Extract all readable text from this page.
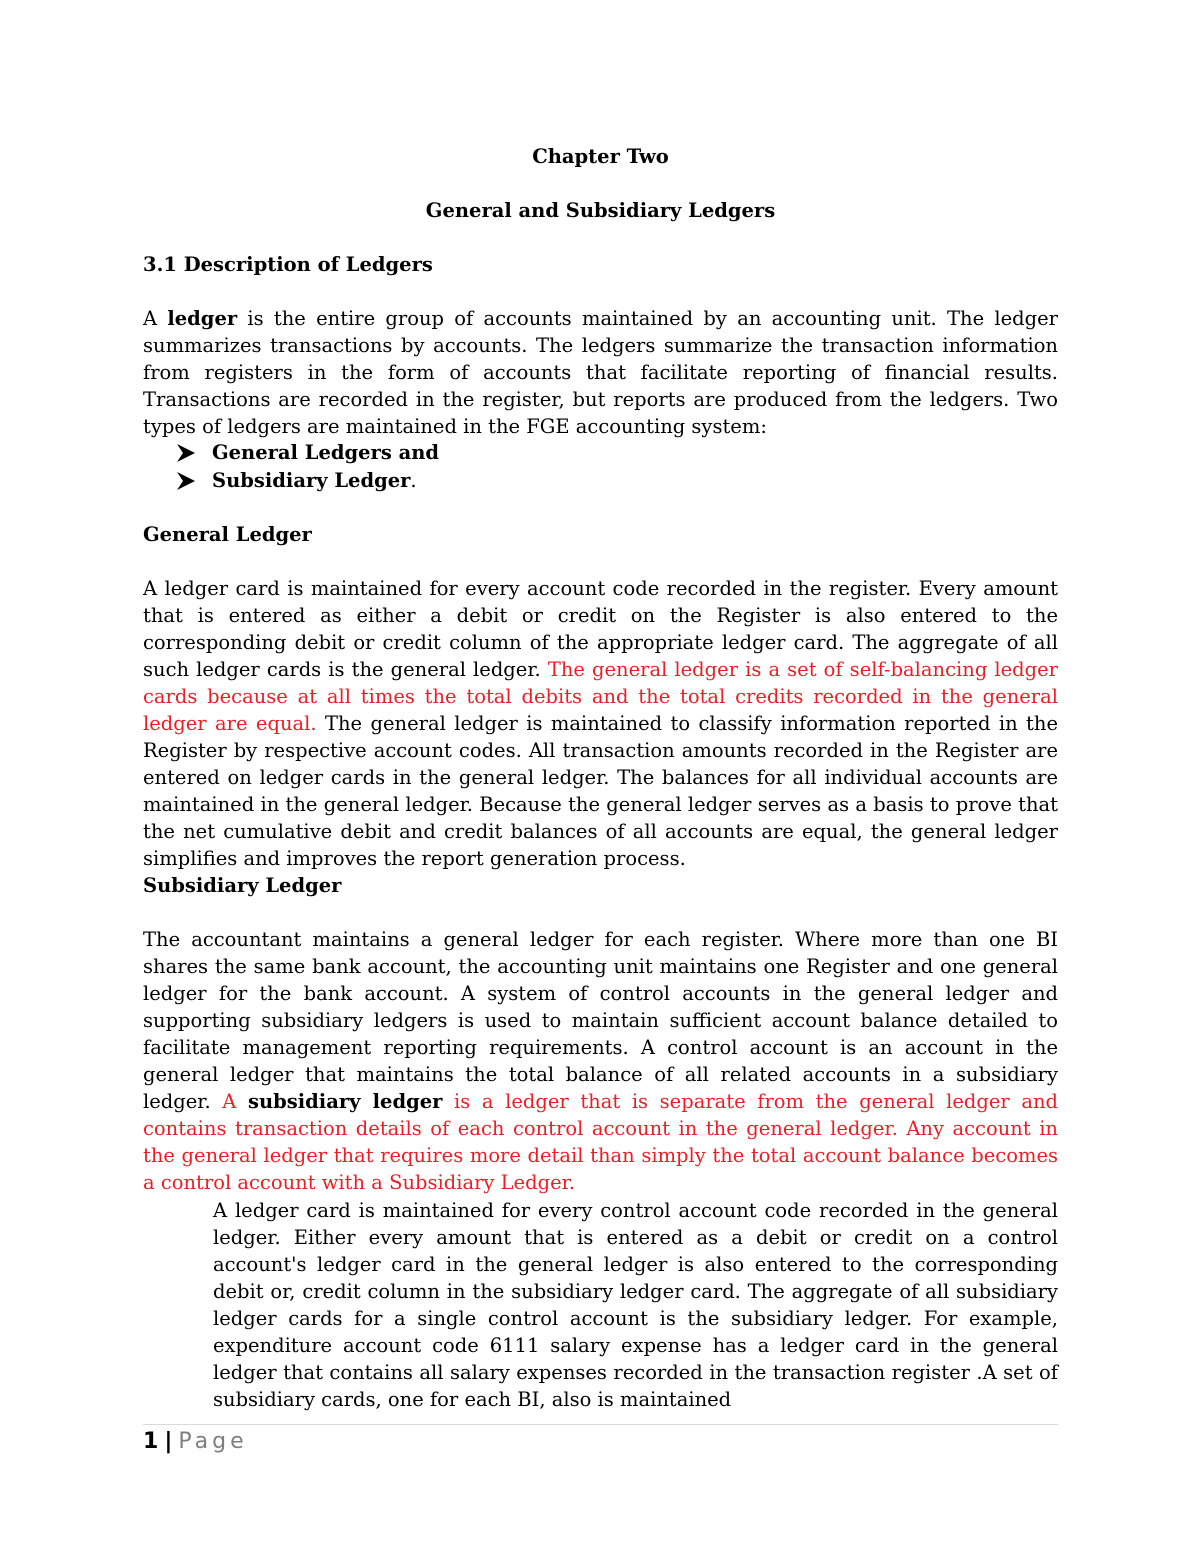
Chapter Two

General and Subsidiary Ledgers

3.1 Description of Ledgers

A ledger is the entire group of accounts maintained by an accounting unit. The ledger summarizes transactions by accounts. The ledgers summarize the transaction information from registers in the form of accounts that facilitate reporting of financial results. Transactions are recorded in the register, but reports are produced from the ledgers. Two types of ledgers are maintained in the FGE accounting system:

General Ledgers and
Subsidiary Ledger .

General Ledger

A ledger card is maintained for every account code recorded in the register. Every amount that is entered as either a debit or credit on the Register is also entered to the corresponding debit or credit column of the appropriate ledger card. The aggregate of all such ledger cards is the general ledger. The general ledger is a set of self-balancing ledger cards because at all times the total debits and the total credits recorded in the general ledger are equal. The general ledger is maintained to classify information reported in the Register by respective account codes. All transaction amounts recorded in the Register are entered on ledger cards in the general ledger. The balances for all individual accounts are maintained in the general ledger. Because the general ledger serves as a basis to prove that the net cumulative debit and credit balances of all accounts are equal, the general ledger simplifies and improves the report generation process.

Subsidiary Ledger

The accountant maintains a general ledger for each register. Where more than one BI shares the same bank account, the accounting unit maintains one Register and one general ledger for the bank account. A system of control accounts in the general ledger and supporting subsidiary ledgers is used to maintain sufficient account balance detailed to facilitate management reporting requirements. A control account is an account in the general ledger that maintains the total balance of all related accounts in a subsidiary ledger. A subsidiary ledger is a ledger that is separate from the general ledger and contains transaction details of each control account in the general ledger. Any account in the general ledger that requires more detail than simply the total account balance becomes a control account with a Subsidiary Ledger.

A ledger card is maintained for every control account code recorded in the general ledger. Either every amount that is entered as a debit or credit on a control account's ledger card in the general ledger is also entered to the corresponding debit or, credit column in the subsidiary ledger card. The aggregate of all subsidiary ledger cards for a single control account is the subsidiary ledger. For example, expenditure account code 6111 salary expense has a ledger card in the general ledger that contains all salary expenses recorded in the transaction register .A set of subsidiary cards, one for each BI, also is maintained

1 | Page
